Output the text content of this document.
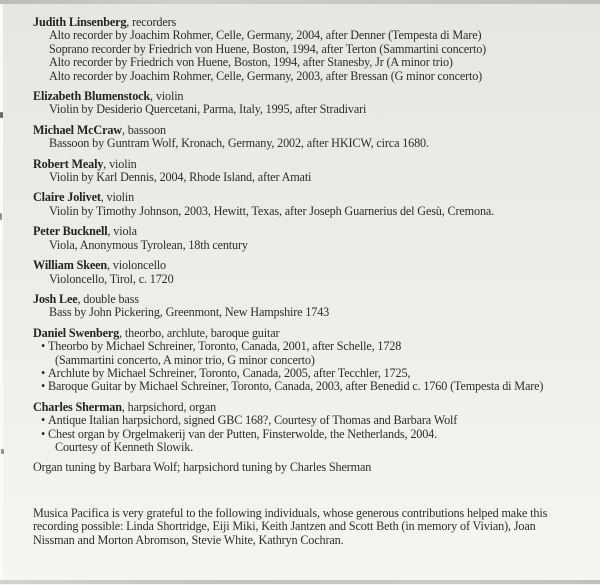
Judith Linsenberg, recorders
Alto recorder by Joachim Rohmer, Celle, Germany, 2004, after Denner (Tempesta di Mare)
Soprano recorder by Friedrich von Huene, Boston, 1994, after Terton (Sammartini concerto)
Alto recorder by Friedrich von Huene, Boston, 1994, after Stanesby, Jr (A minor trio)
Alto recorder by Joachim Rohmer, Celle, Germany, 2003, after Bressan (G minor concerto)
Elizabeth Blumenstock, violin
Violin by Desiderio Quercetani, Parma, Italy, 1995, after Stradivari
Michael McCraw, bassoon
Bassoon by Guntram Wolf, Kronach, Germany, 2002, after HKICW, circa 1680.
Robert Mealy, violin
Violin by Karl Dennis, 2004, Rhode Island, after Amati
Claire Jolivet, violin
Violin by Timothy Johnson, 2003, Hewitt, Texas, after Joseph Guarnerius del Gesù, Cremona.
Peter Bucknell, viola
Viola, Anonymous Tyrolean, 18th century
William Skeen, violoncello
Violoncello, Tirol, c. 1720
Josh Lee, double bass
Bass by John Pickering, Greenmont, New Hampshire 1743
Daniel Swenberg, theorbo, archlute, baroque guitar
• Theorbo by Michael Schreiner, Toronto, Canada, 2001, after Schelle, 1728
(Sammartini concerto, A minor trio, G minor concerto)
• Archlute by Michael Schreiner, Toronto, Canada, 2005, after Tecchler, 1725,
• Baroque Guitar by Michael Schreiner, Toronto, Canada, 2003, after Benedid c. 1760 (Tempesta di Mare)
Charles Sherman, harpsichord, organ
• Antique Italian harpsichord, signed GBC 168?, Courtesy of Thomas and Barbara Wolf
• Chest organ by Orgelmakerij van der Putten, Finsterwolde, the Netherlands, 2004.
Courtesy of Kenneth Slowik.
Organ tuning by Barbara Wolf; harpsichord tuning by Charles Sherman
Musica Pacifica is very grateful to the following individuals, whose generous contributions helped make this
recording possible: Linda Shortridge, Eiji Miki, Keith Jantzen and Scott Beth (in memory of Vivian), Joan
Nissman and Morton Abromson, Stevie White, Kathryn Cochran.
